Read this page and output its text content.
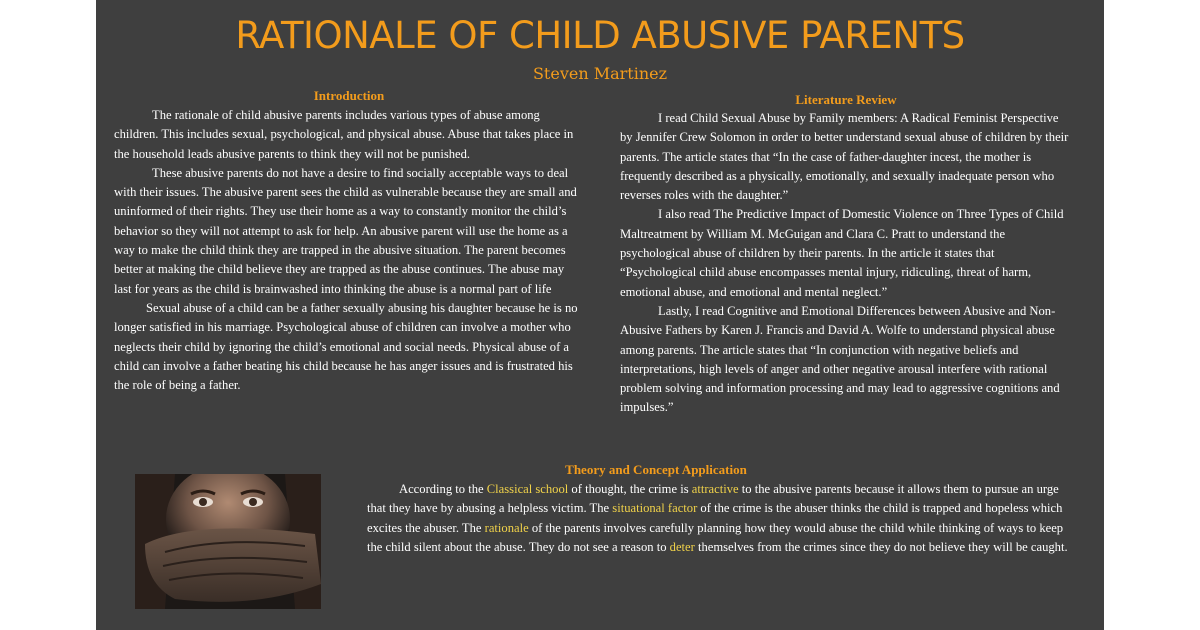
RATIONALE OF CHILD ABUSIVE PARENTS
Steven Martinez
Introduction

The rationale of child abusive parents includes various types of abuse among children. This includes sexual, psychological, and physical abuse. Abuse that takes place in the household leads abusive parents to think they will not be punished.

These abusive parents do not have a desire to find socially acceptable ways to deal with their issues. The abusive parent sees the child as vulnerable because they are small and uninformed of their rights. They use their home as a way to constantly monitor the child’s behavior so they will not attempt to ask for help. An abusive parent will use the home as a way to make the child think they are trapped in the abusive situation. The parent becomes better at making the child believe they are trapped as the abuse continues. The abuse may last for years as the child is brainwashed into thinking the abuse is a normal part of life

Sexual abuse of a child can be a father sexually abusing his daughter because he is no longer satisfied in his marriage. Psychological abuse of children can involve a mother who neglects their child by ignoring the child’s emotional and social needs. Physical abuse of a child can involve a father beating his child because he has anger issues and is frustrated his the role of being a father.

Literature Review

I read Child Sexual Abuse by Family members: A Radical Feminist Perspective by Jennifer Crew Solomon in order to better understand sexual abuse of children by their parents. The article states that “In the case of father-daughter incest, the mother is frequently described as a physically, emotionally, and sexually inadequate person who reverses roles with the daughter.”

I also read The Predictive Impact of Domestic Violence on Three Types of Child Maltreatment by William M. McGuigan and Clara C. Pratt to understand the psychological abuse of children by their parents. In the article it states that “Psychological child abuse encompasses mental injury, ridiculing, threat of harm, emotional abuse, and emotional and mental neglect.”

Lastly, I read Cognitive and Emotional Differences between Abusive and Non-Abusive Fathers by Karen J. Francis and David A. Wolfe to understand physical abuse among parents. The article states that “In conjunction with negative beliefs and interpretations, high levels of anger and other negative arousal interfere with rational problem solving and information processing and may lead to aggressive cognitions and impulses.”

Theory and Concept Application

According to the Classical school of thought, the crime is attractive to the abusive parents because it allows them to pursue an urge that they have by abusing a helpless victim. The situational factor of the crime is the abuser thinks the child is trapped and hopeless which excites the abuser. The rationale of the parents involves carefully planning how they would abuse the child while thinking of ways to keep the child silent about the abuse. They do not see a reason to deter themselves from the crimes since they do not believe they will be caught.
